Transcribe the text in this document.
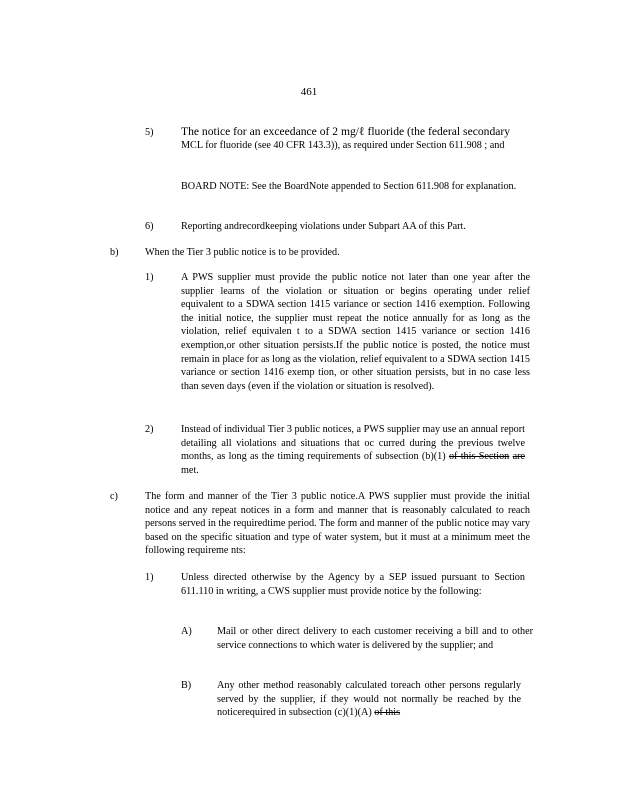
461
5) The notice for an exceedance of 2 mg/ℓ fluoride (the federal secondary
MCL for fluoride (see 40 CFR 143.3)), as required under Section 611.908 ; and
BOARD NOTE: See the BoardNote appended to Section 611.908 for explanation.
6)	Reporting andrecordkeeping violations under Subpart AA of this Part.
b)	When the Tier 3 public notice is to be provided.
1)	A PWS supplier must provide the public notice not later than one year after the supplier learns of the violation or situation or begins operating under relief equivalent to a SDWA section 1415 variance or section 1416 exemption. Following the initial notice, the supplier must repeat the notice annually for as long as the violation, relief equivalen t to a SDWA section 1415 variance or section 1416 exemption,or other situation persists.If the public notice is posted, the notice must remain in place for as long as the violation, relief equivalent to a SDWA section 1415 variance or section 1416 exemp tion, or other situation persists, but in no case less than seven days (even if the violation or situation is resolved).
2)	Instead of individual Tier 3 public notices, a PWS supplier may use an annual report detailing all violations and situations that oc curred during the previous twelve months, as long as the timing requirements of subsection (b)(1) of this Section are met.
c)	The form and manner of the Tier 3 public notice.A PWS supplier must provide the initial notice and any repeat notices in a form and manner that is reasonably calculated to reach persons served in the requiredtime period. The form and manner of the public notice may vary based on the specific situation and type of water system, but it must at a minimum meet the following requireme nts:
1)	Unless directed otherwise by the Agency by a SEP issued pursuant to Section 611.110 in writing, a CWS supplier must provide notice by the following:
A) Mail or other direct delivery to each customer receiving a bill and to other service connections to which water is delivered by the supplier; and
B)	Any other method reasonably calculated toreach other persons regularly served by the supplier, if they would not normally be reached by the noticerequired in subsection (c)(1)(A) of this
